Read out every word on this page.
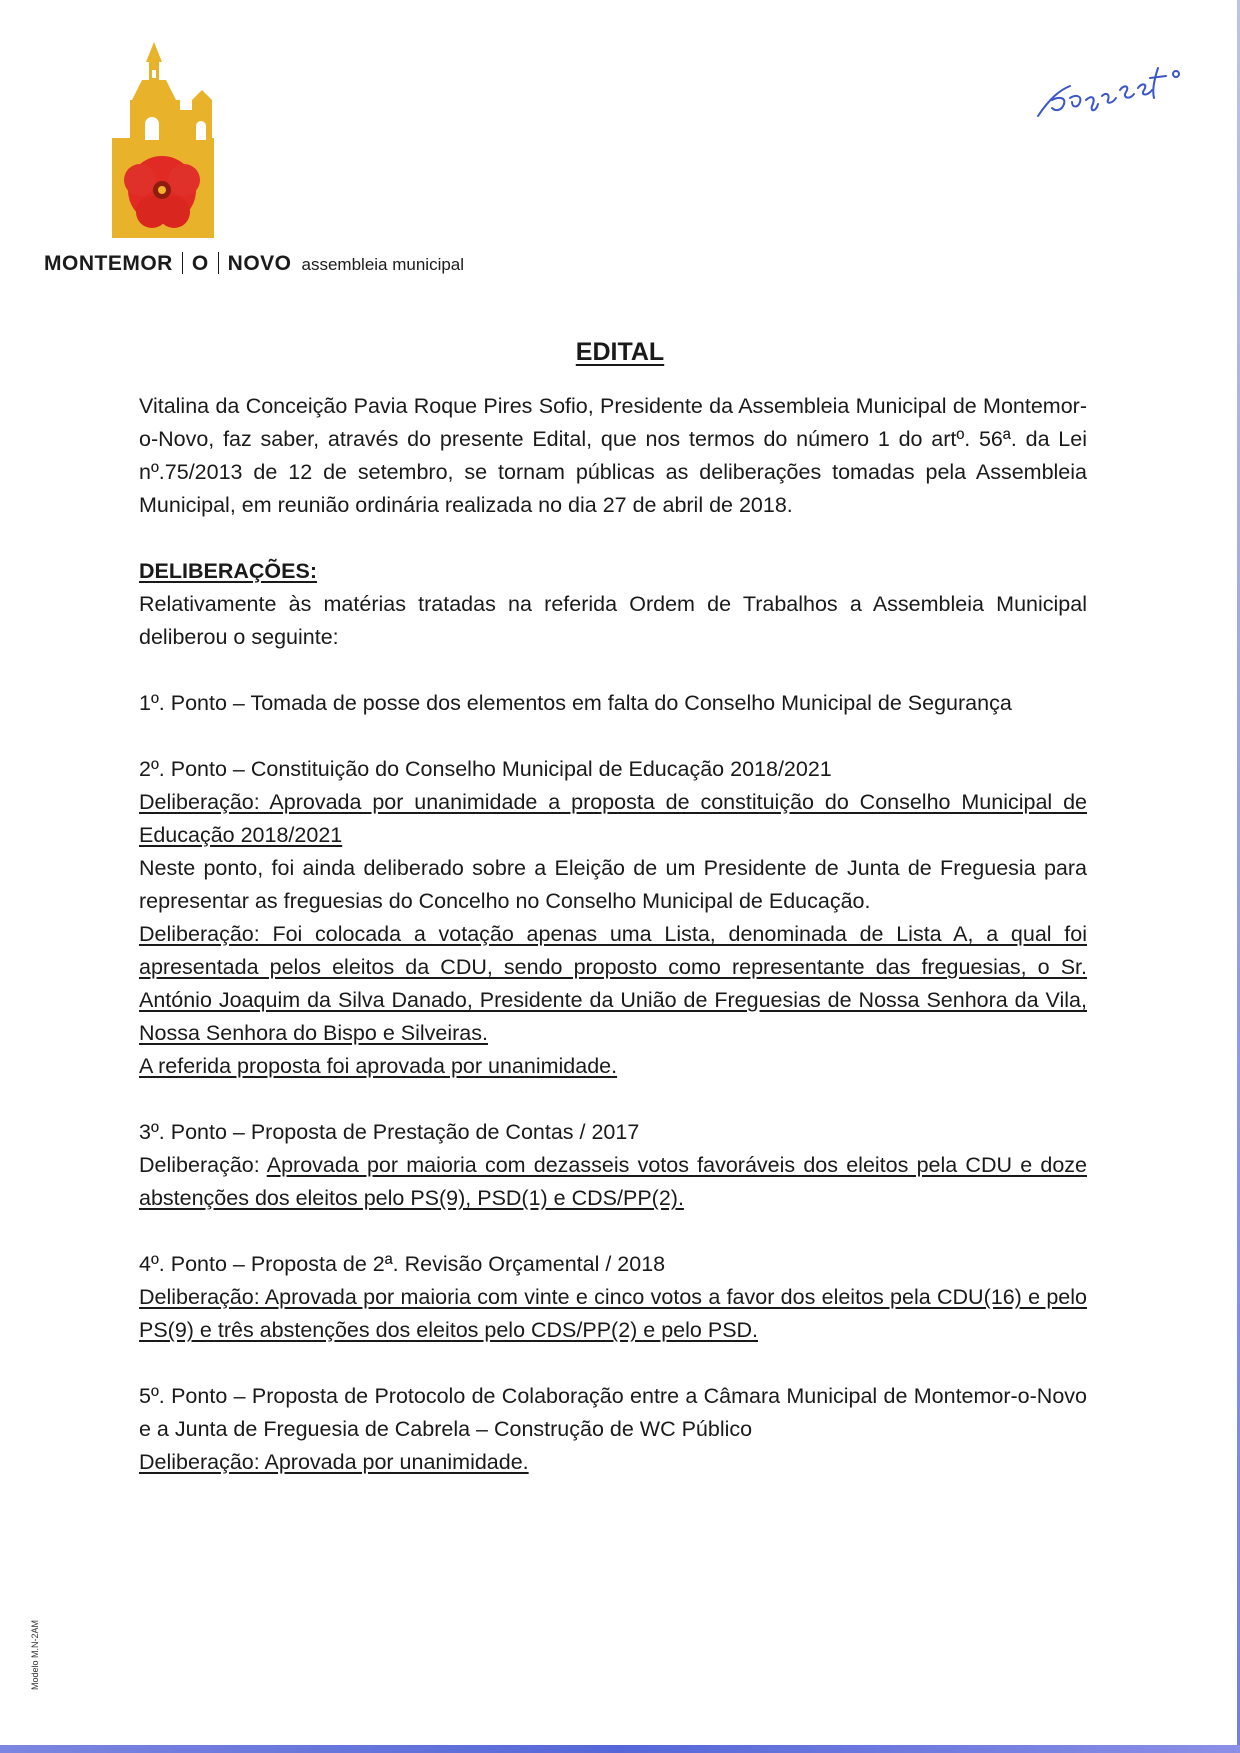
MONTEMOR O NOVO assembleia municipal
EDITAL

Vitalina da Conceição Pavia Roque Pires Sofio, Presidente da Assembleia Municipal de Montemor-o-Novo, faz saber, através do presente Edital, que nos termos do número 1 do artº. 56ª. da Lei nº.75/2013 de 12 de setembro, se tornam públicas as deliberações tomadas pela Assembleia Municipal, em reunião ordinária realizada no dia 27 de abril de 2018.

DELIBERAÇÕES:

Relativamente às matérias tratadas na referida Ordem de Trabalhos a Assembleia Municipal deliberou o seguinte:

1º. Ponto – Tomada de posse dos elementos em falta do Conselho Municipal de Segurança

2º. Ponto – Constituição do Conselho Municipal de Educação 2018/2021

Deliberação: Aprovada por unanimidade a proposta de constituição do Conselho Municipal de Educação 2018/2021

Neste ponto, foi ainda deliberado sobre a Eleição de um Presidente de Junta de Freguesia para representar as freguesias do Concelho no Conselho Municipal de Educação.

Deliberação: Foi colocada a votação apenas uma Lista, denominada de Lista A, a qual foi apresentada pelos eleitos da CDU, sendo proposto como representante das freguesias, o Sr. António Joaquim da Silva Danado, Presidente da União de Freguesias de Nossa Senhora da Vila, Nossa Senhora do Bispo e Silveiras.

A referida proposta foi aprovada por unanimidade.

3º. Ponto – Proposta de Prestação de Contas / 2017

Deliberação: Aprovada por maioria com dezasseis votos favoráveis dos eleitos pela CDU e doze abstenções dos eleitos pelo PS(9), PSD(1) e CDS/PP(2).

4º. Ponto – Proposta de 2ª. Revisão Orçamental / 2018

Deliberação: Aprovada por maioria com vinte e cinco votos a favor dos eleitos pela CDU(16) e pelo PS(9) e três abstenções dos eleitos pelo CDS/PP(2) e pelo PSD.

5º. Ponto – Proposta de Protocolo de Colaboração entre a Câmara Municipal de Montemor-o-Novo e a Junta de Freguesia de Cabrela – Construção de WC Público

Deliberação: Aprovada por unanimidade.

Modelo M.N-2AM
